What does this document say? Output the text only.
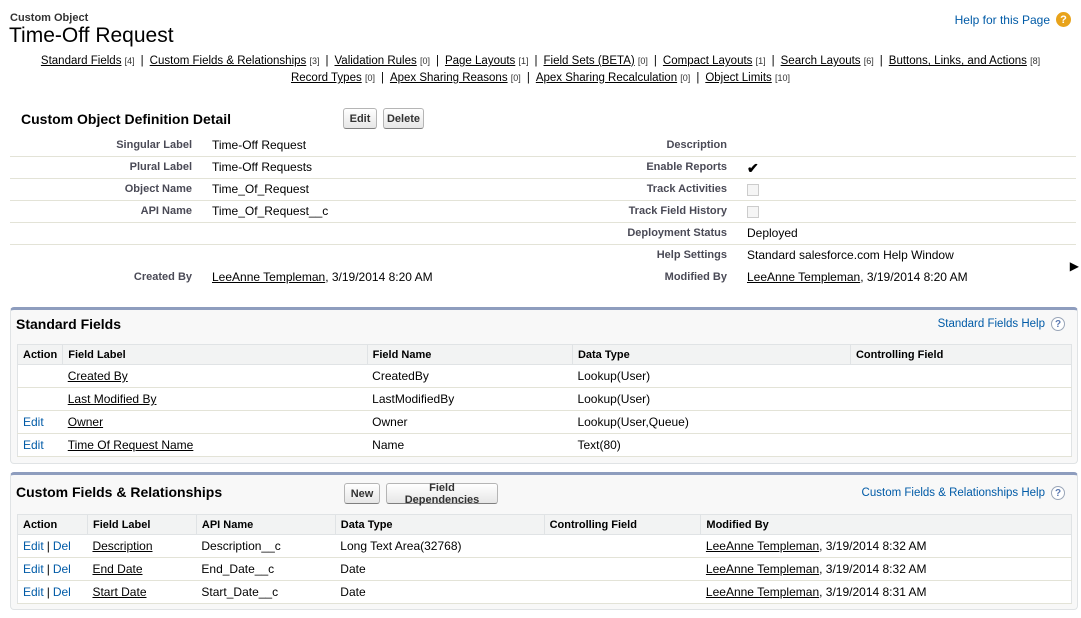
Custom Object
Time-Off Request
Help for this Page ?
Standard Fields [4] | Custom Fields & Relationships [3] | Validation Rules [0] | Page Layouts [1] | Field Sets (BETA) [0] | Compact Layouts [1] | Search Layouts [6] | Buttons, Links, and Actions [8]
Record Types [0] | Apex Sharing Reasons [0] | Apex Sharing Recalculation [0] | Object Limits [10]
Custom Object Definition Detail	Edit	Delete
Singular Label Time-Off Request	Description
Plural Label Time-Off Requests	Enable Reports ✔
Object Name Time_Of_Request	Track Activities
API Name Time_Of_Request__c	Track Field History
Deployment Status Deployed
Help Settings Standard salesforce.com Help Window
Created By LeeAnne Templeman, 3/19/2014 8:20 AM	Modified By LeeAnne Templeman, 3/19/2014 8:20 AM
Standard Fields	Standard Fields Help ?
Action	Field Label	Field Name	Data Type	Controlling Field
	Created By	CreatedBy	Lookup(User)	
	Last Modified By	LastModifiedBy	Lookup(User)	
Edit	Owner	Owner	Lookup(User,Queue)	
Edit	Time Of Request Name	Name	Text(80)	
Custom Fields & Relationships	New	Field Dependencies
Custom Fields & Relationships Help ?
Action	Field Label	API Name	Data Type	Controlling Field	Modified By
Edit | Del	Description	Description__c	Long Text Area(32768)		LeeAnne Templeman, 3/19/2014 8:32 AM
Edit | Del	End Date	End_Date__c	Date		LeeAnne Templeman, 3/19/2014 8:32 AM
Edit | Del	Start Date	Start_Date__c	Date		LeeAnne Templeman, 3/19/2014 8:31 AM
▶
